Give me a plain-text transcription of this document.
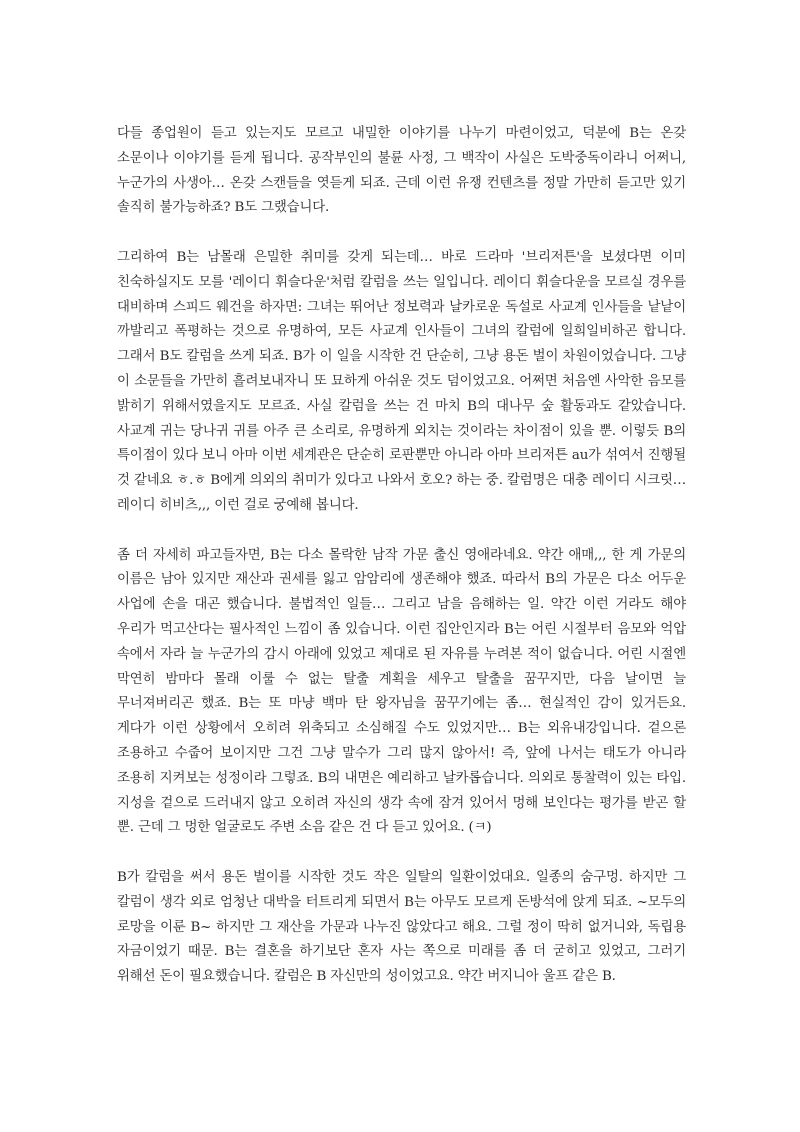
다들 종업원이 듣고 있는지도 모르고 내밀한 이야기를 나누기 마련이었고, 덕분에 B는 온갖 소문이나 이야기를 듣게 됩니다. 공작부인의 불륜 사정, 그 백작이 사실은 도박중독이라니 어쩌니, 누군가의 사생아… 온갖 스캔들을 엿듣게 되죠. 근데 이런 유쟁 컨텐츠를 정말 가만히 듣고만 있기 솔직히 불가능하죠? B도 그랬습니다.

그리하여 B는 남몰래 은밀한 취미를 갖게 되는데… 바로 드라마 '브리저튼'을 보셨다면 이미 친숙하실지도 모를 '레이디 휘슬다운'처럼 칼럼을 쓰는 일입니다. 레이디 휘슬다운을 모르실 경우를 대비하며 스피드 웨건을 하자면: 그녀는 뛰어난 정보력과 날카로운 독설로 사교계 인사들을 낱낱이 까발리고 폭평하는 것으로 유명하여, 모든 사교계 인사들이 그녀의 칼럼에 일희일비하곤 합니다. 그래서 B도 칼럼을 쓰게 되죠. B가 이 일을 시작한 건 단순히, 그냥 용돈 벌이 차원이었습니다. 그냥 이 소문들을 가만히 흘려보내자니 또 묘하게 아쉬운 것도 덤이었고요. 어쩌면 처음엔 사악한 음모를 밝히기 위해서였을지도 모르죠. 사실 칼럼을 쓰는 건 마치 B의 대나무 숲 활동과도 같았습니다. 사교계 귀는 당나귀 귀를 아주 큰 소리로, 유명하게 외치는 것이라는 차이점이 있을 뿐. 이렇듯 B의 특이점이 있다 보니 아마 이번 세계관은 단순히 로판뿐만 아니라 아마 브리저튼 au가 섞여서 진행될 것 같네요 ㅎ.ㅎ B에게 의외의 취미가 있다고 나와서 호오? 하는 중. 칼럼명은 대충 레이디 시크릿… 레이디 히비츠,,, 이런 걸로 궁예해 봅니다.

좀 더 자세히 파고들자면, B는 다소 몰락한 남작 가문 출신 영애라네요. 약간 애매,,, 한 게 가문의 이름은 남아 있지만 재산과 권세를 잃고 암암리에 생존해야 했죠. 따라서 B의 가문은 다소 어두운 사업에 손을 대곤 했습니다. 불법적인 일들… 그리고 남을 음해하는 일. 약간 이런 거라도 해야 우리가 먹고산다는 필사적인 느낌이 좀 있습니다. 이런 집안인지라 B는 어린 시절부터 음모와 억압 속에서 자라 늘 누군가의 감시 아래에 있었고 제대로 된 자유를 누려본 적이 없습니다. 어린 시절엔 막연히 밤마다 몰래 이룰 수 없는 탈출 계획을 세우고 탈출을 꿈꾸지만, 다음 날이면 늘 무너져버리곤 했죠. B는 또 마냥 백마 탄 왕자님을 꿈꾸기에는 좀… 현실적인 감이 있거든요. 게다가 이런 상황에서 오히려 위축되고 소심해질 수도 있었지만… B는 외유내강입니다. 겉으론 조용하고 수줍어 보이지만 그건 그냥 말수가 그리 많지 않아서! 즉, 앞에 나서는 태도가 아니라 조용히 지켜보는 성정이라 그렇죠. B의 내면은 예리하고 날카롭습니다. 의외로 통찰력이 있는 타입. 지성을 겉으로 드러내지 않고 오히려 자신의 생각 속에 잠겨 있어서 멍해 보인다는 평가를 받곤 할 뿐. 근데 그 멍한 얼굴로도 주변 소음 같은 건 다 듣고 있어요. (ㅋ)

B가 칼럼을 써서 용돈 벌이를 시작한 것도 작은 일탈의 일환이었대요. 일종의 숨구멍. 하지만 그 칼럼이 생각 외로 엄청난 대박을 터트리게 되면서 B는 아무도 모르게 돈방석에 앉게 되죠. ~모두의 로망을 이룬 B~ 하지만 그 재산을 가문과 나누진 않았다고 해요. 그럴 정이 딱히 없거니와, 독립용 자금이었기 때문. B는 결혼을 하기보단 혼자 사는 쪽으로 미래를 좀 더 굳히고 있었고, 그러기 위해선 돈이 필요했습니다. 칼럼은 B 자신만의 성이었고요. 약간 버지니아 울프 같은 B.
